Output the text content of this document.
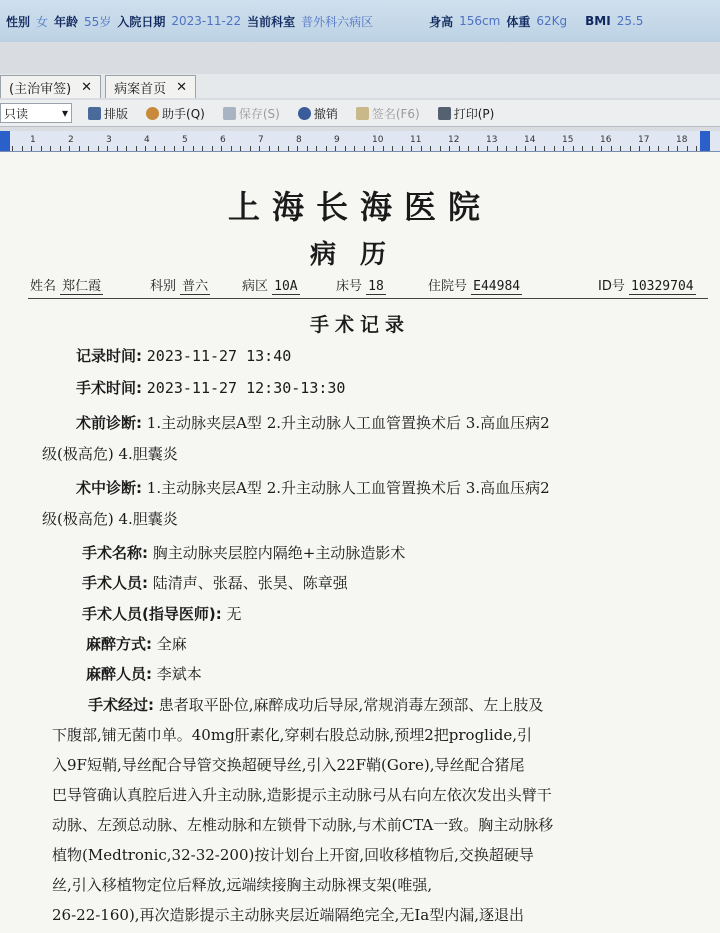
性别 女 年龄 55岁 入院日期 2023-11-22 当前科室 普外科六病区	身高 156cm 体重 62Kg BMI 25.5
(主治审签) ✕ 病案首页 ✕
只读	▾	排版	助手(Q)	保存(S)	撤销	签名(F6)	打印(P)
1	2	3	4	5	6	7	8	9	10	11	12	13	14	15	16	17	18
上海长海医院
病历
姓名 郑仁霞	科别 普六	病区 10A	床号 18	住院号 E44984	ID号 10329704
手术记录
记录时间: 2023-11-27 13:40
手术时间: 2023-11-27 12:30-13:30
术前诊断: 1.主动脉夹层A型 2.升主动脉人工血管置换术后 3.高血压病2
级(极高危) 4.胆囊炎
术中诊断: 1.主动脉夹层A型 2.升主动脉人工血管置换术后 3.高血压病2
级(极高危) 4.胆囊炎
手术名称: 胸主动脉夹层腔内隔绝+主动脉造影术
手术人员: 陆清声、张磊、张昊、陈章强
手术人员(指导医师): 无
麻醉方式: 全麻
麻醉人员: 李斌本
手术经过: 患者取平卧位,麻醉成功后导尿,常规消毒左颈部、左上肢及
下腹部,铺无菌巾单。40mg肝素化,穿刺右股总动脉,预埋2把proglide,引
入9F短鞘,导丝配合导管交换超硬导丝,引入22F鞘(Gore),导丝配合猪尾
巴导管确认真腔后进入升主动脉,造影提示主动脉弓从右向左依次发出头臂干
动脉、左颈总动脉、左椎动脉和左锁骨下动脉,与术前CTA一致。胸主动脉移
植物(Medtronic,32-32-200)按计划台上开窗,回收移植物后,交换超硬导
丝,引入移植物定位后释放,远端续接胸主动脉裸支架(唯强,
26-22-160),再次造影提示主动脉夹层近端隔绝完全,无Ia型内漏,逐退出
